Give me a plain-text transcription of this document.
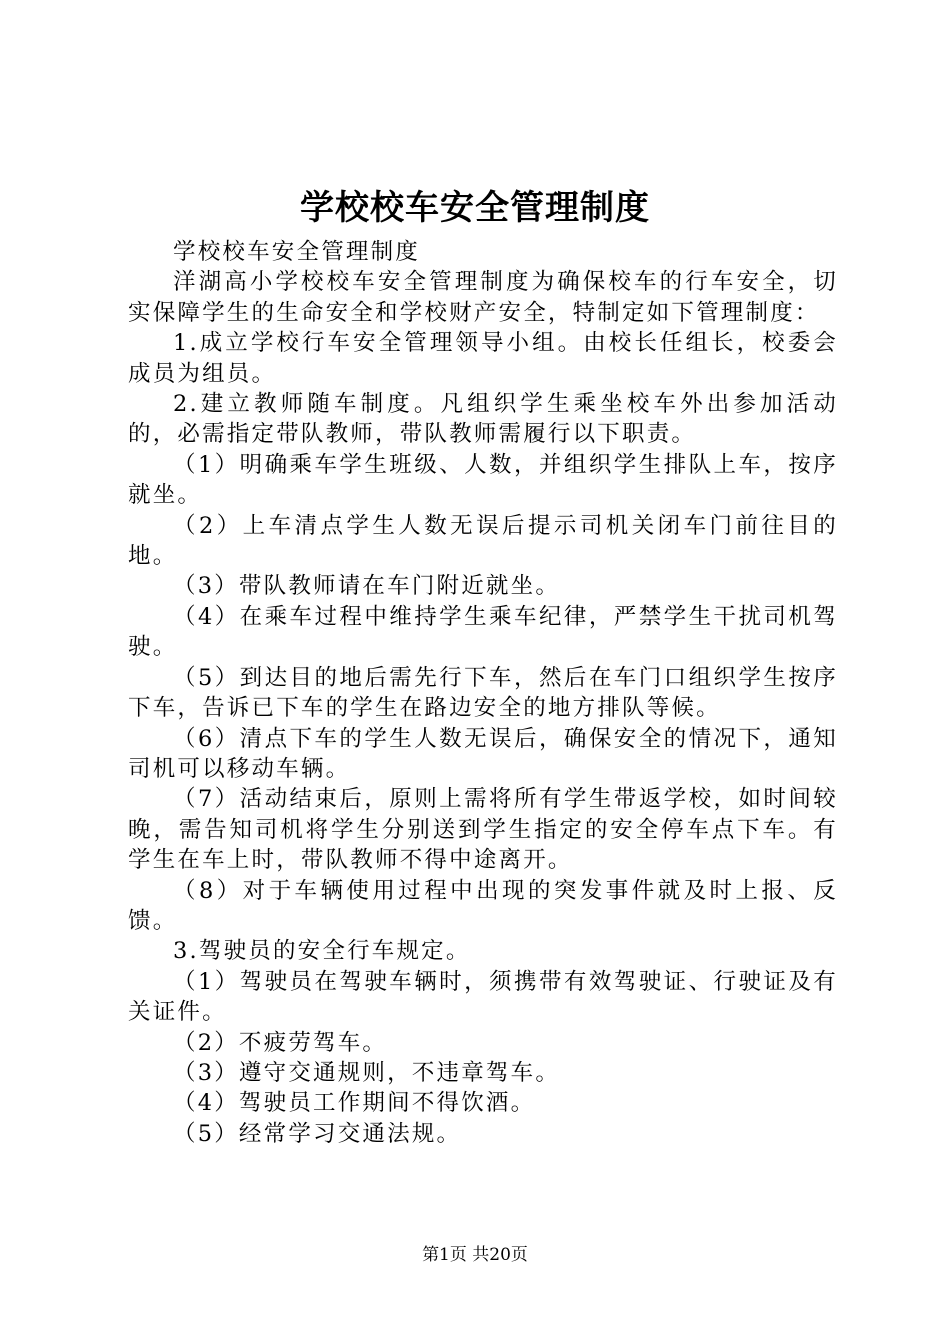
学校校车安全管理制度

学校校车安全管理制度

洋湖高小学校校车安全管理制度为确保校车的行车安全，切实保障学生的生命安全和学校财产安全，特制定如下管理制度：

1.成立学校行车安全管理领导小组。由校长任组长，校委会成员为组员。

2.建立教师随车制度。凡组织学生乘坐校车外出参加活动的，必需指定带队教师，带队教师需履行以下职责。

（1）明确乘车学生班级、人数，并组织学生排队上车，按序就坐。

（2）上车清点学生人数无误后提示司机关闭车门前往目的地。

（3）带队教师请在车门附近就坐。

（4）在乘车过程中维持学生乘车纪律，严禁学生干扰司机驾驶。

（5）到达目的地后需先行下车，然后在车门口组织学生按序下车，告诉已下车的学生在路边安全的地方排队等候。

（6）清点下车的学生人数无误后，确保安全的情况下，通知司机可以移动车辆。

（7）活动结束后，原则上需将所有学生带返学校，如时间较晚，需告知司机将学生分别送到学生指定的安全停车点下车。有学生在车上时，带队教师不得中途离开。

（8）对于车辆使用过程中出现的突发事件就及时上报、反馈。

3.驾驶员的安全行车规定。

（1）驾驶员在驾驶车辆时，须携带有效驾驶证、行驶证及有关证件。

（2）不疲劳驾车。

（3）遵守交通规则，不违章驾车。

（4）驾驶员工作期间不得饮酒。

（5）经常学习交通法规。

第1页 共20页
